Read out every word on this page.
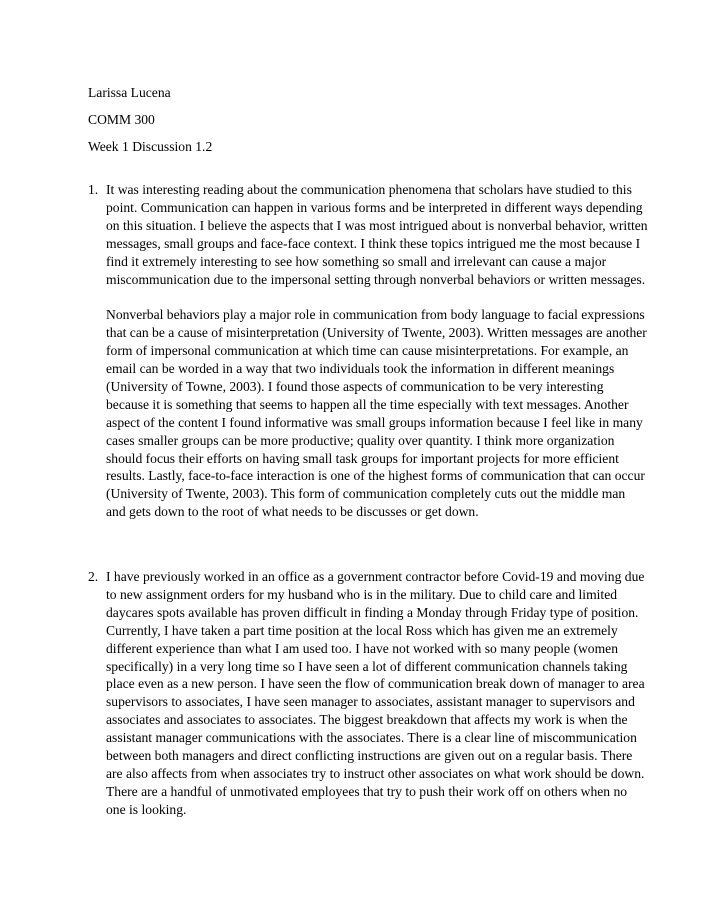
Larissa Lucena
COMM 300
Week 1 Discussion 1.2
1. It was interesting reading about the communication phenomena that scholars have studied to this point. Communication can happen in various forms and be interpreted in different ways depending on this situation. I believe the aspects that I was most intrigued about is nonverbal behavior, written messages, small groups and face-face context. I think these topics intrigued me the most because I find it extremely interesting to see how something so small and irrelevant can cause a major miscommunication due to the impersonal setting through nonverbal behaviors or written messages.

Nonverbal behaviors play a major role in communication from body language to facial expressions that can be a cause of misinterpretation (University of Twente, 2003). Written messages are another form of impersonal communication at which time can cause misinterpretations. For example, an email can be worded in a way that two individuals took the information in different meanings (University of Towne, 2003). I found those aspects of communication to be very interesting because it is something that seems to happen all the time especially with text messages. Another aspect of the content I found informative was small groups information because I feel like in many cases smaller groups can be more productive; quality over quantity. I think more organization should focus their efforts on having small task groups for important projects for more efficient results. Lastly, face-to-face interaction is one of the highest forms of communication that can occur (University of Twente, 2003). This form of communication completely cuts out the middle man and gets down to the root of what needs to be discusses or get down.

2. I have previously worked in an office as a government contractor before Covid-19 and moving due to new assignment orders for my husband who is in the military. Due to child care and limited daycares spots available has proven difficult in finding a Monday through Friday type of position. Currently, I have taken a part time position at the local Ross which has given me an extremely different experience than what I am used too. I have not worked with so many people (women specifically) in a very long time so I have seen a lot of different communication channels taking place even as a new person. I have seen the flow of communication break down of manager to area supervisors to associates, I have seen manager to associates, assistant manager to supervisors and associates and associates to associates. The biggest breakdown that affects my work is when the assistant manager communications with the associates. There is a clear line of miscommunication between both managers and direct conflicting instructions are given out on a regular basis. There are also affects from when associates try to instruct other associates on what work should be down. There are a handful of unmotivated employees that try to push their work off on others when no one is looking.
